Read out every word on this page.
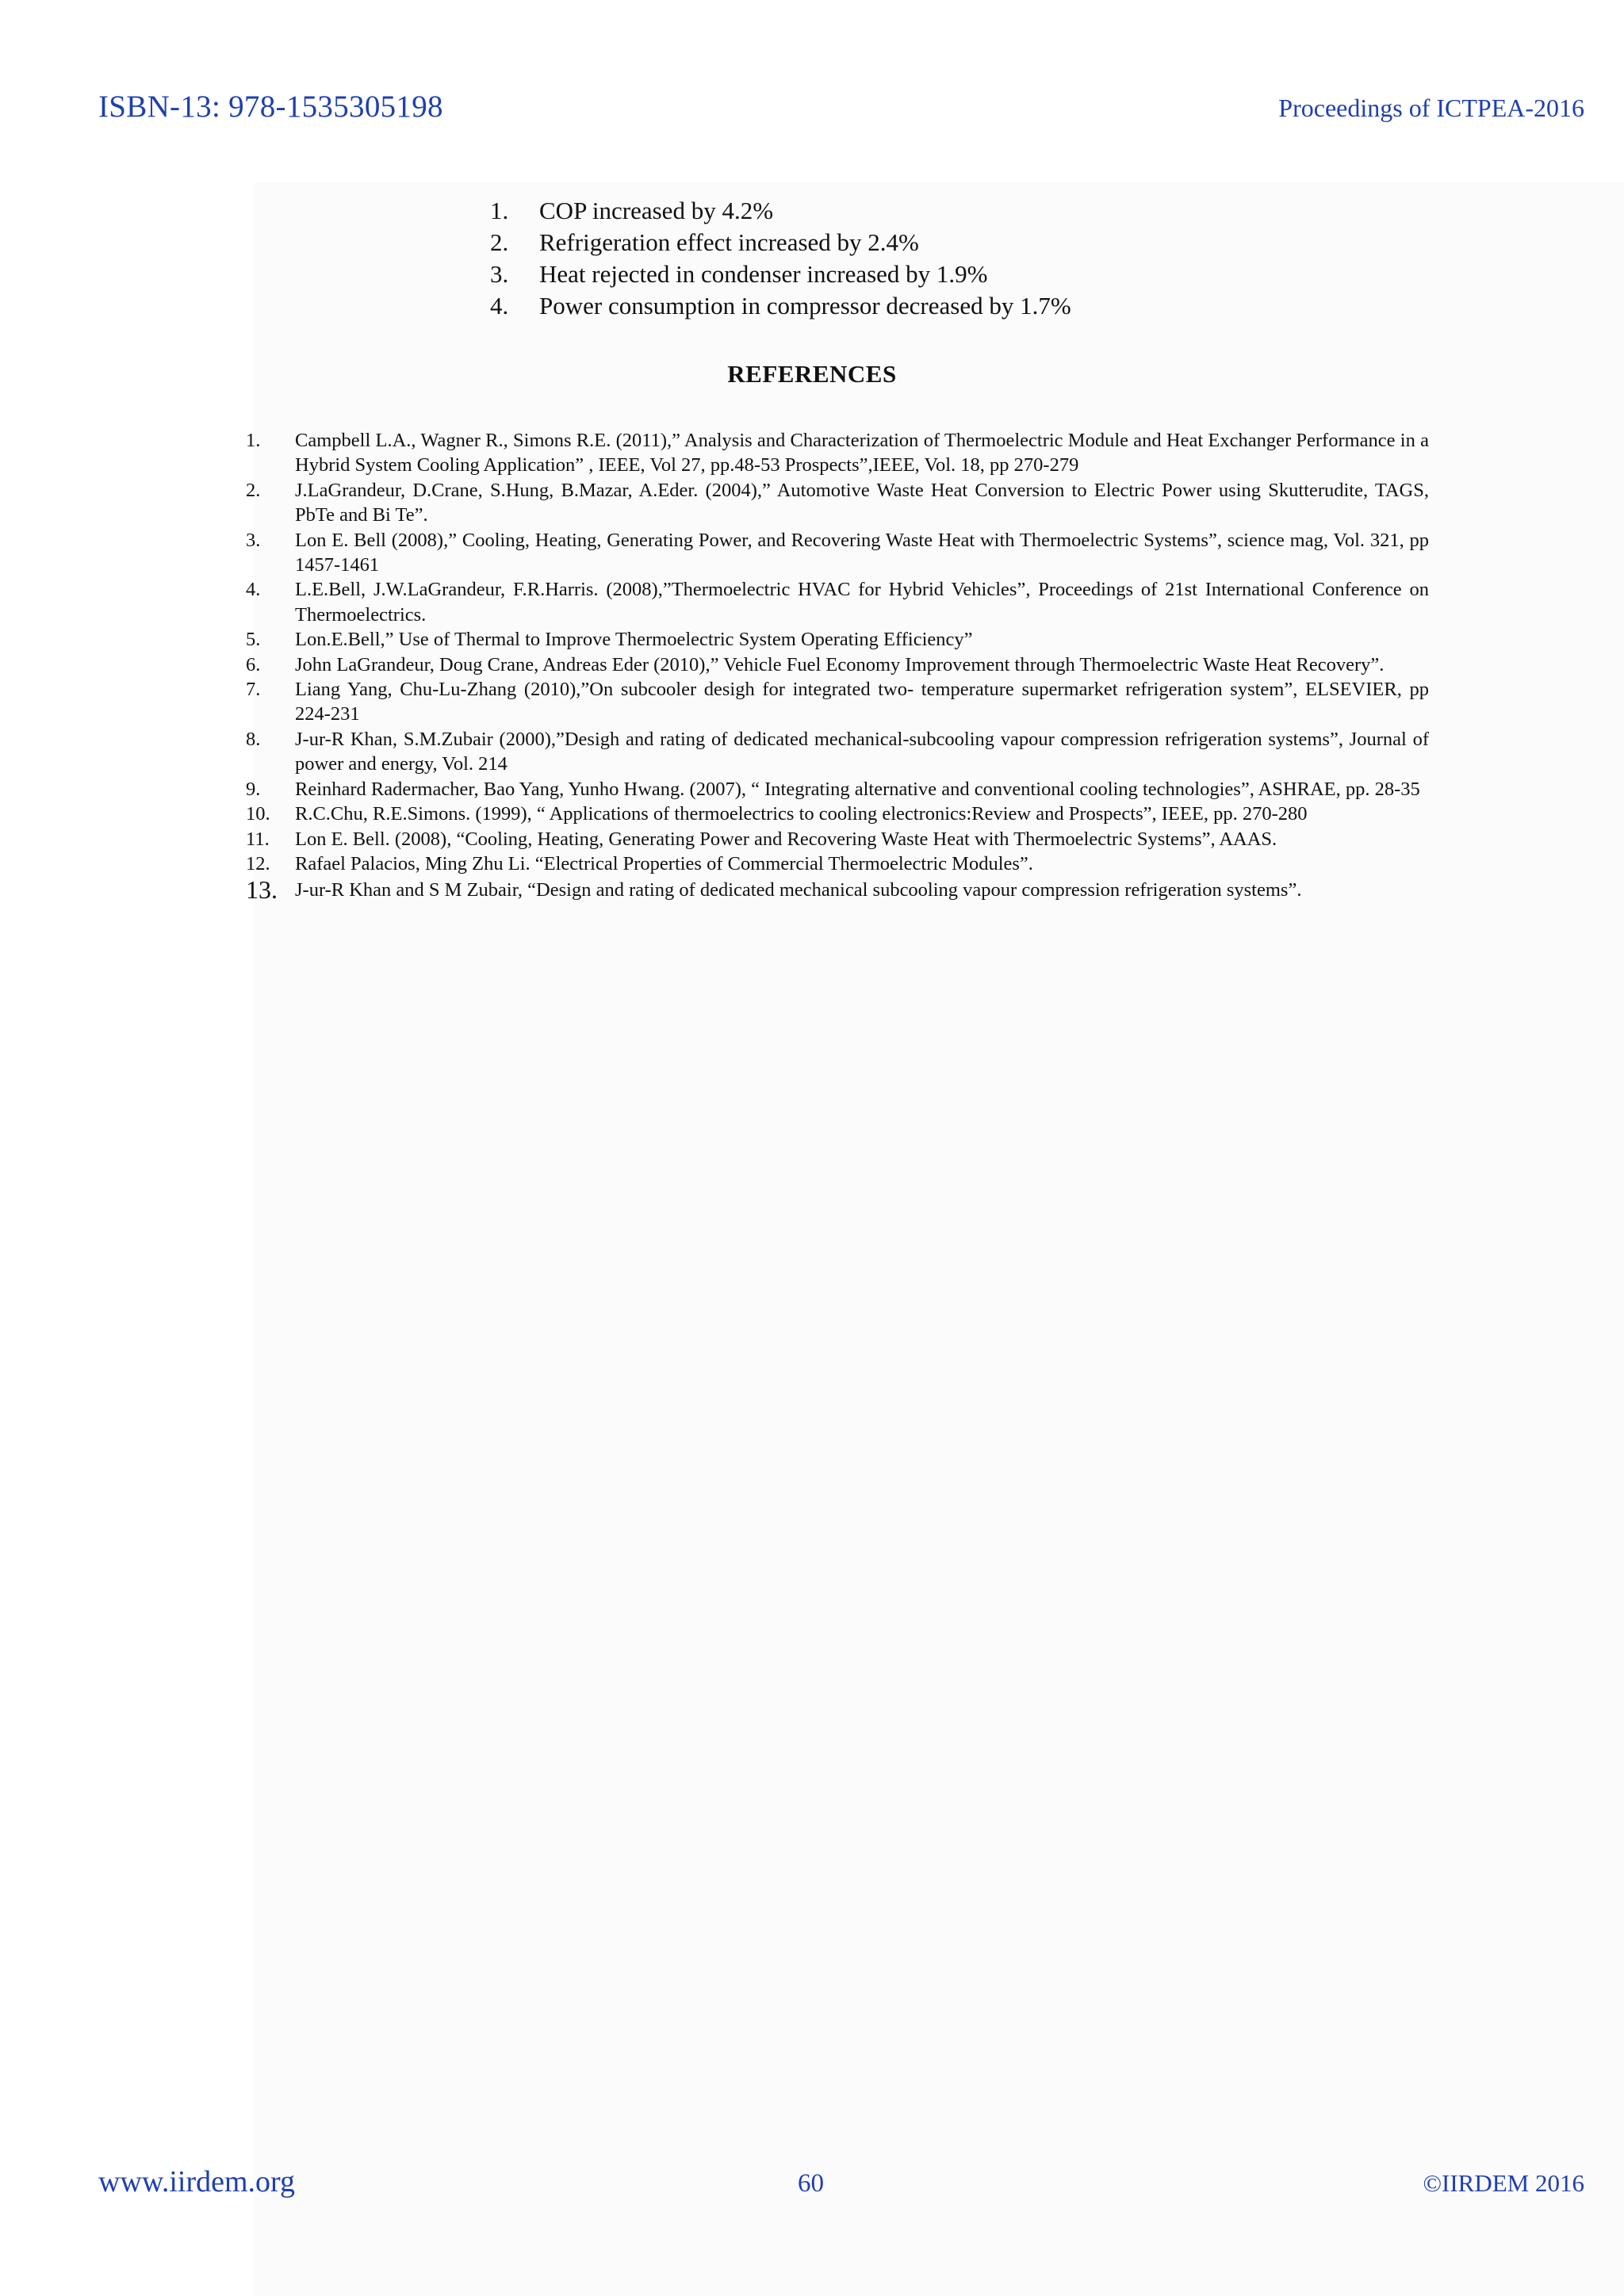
ISBN-13: 978-1535305198	Proceedings of ICTPEA-2016
1.	COP increased by 4.2%
2.	Refrigeration effect increased by 2.4%
3.	Heat rejected in condenser increased by 1.9%
4.	Power consumption in compressor decreased by 1.7%
REFERENCES
1.	Campbell L.A., Wagner R., Simons R.E. (2011),” Analysis and Characterization of Thermoelectric Module and Heat Exchanger Performance in a Hybrid System Cooling Application” , IEEE, Vol 27, pp.48-53 Prospects”,IEEE, Vol. 18, pp 270-279
2.	J.LaGrandeur, D.Crane, S.Hung, B.Mazar, A.Eder. (2004),” Automotive Waste Heat Conversion to Electric Power using Skutterudite, TAGS, PbTe and Bi Te”.
3.	Lon E. Bell (2008),” Cooling, Heating, Generating Power, and Recovering Waste Heat with Thermoelectric Systems”, science mag, Vol. 321, pp 1457-1461
4.	L.E.Bell, J.W.LaGrandeur, F.R.Harris. (2008),”Thermoelectric HVAC for Hybrid Vehicles”, Proceedings of 21st International Conference on Thermoelectrics.
5.	Lon.E.Bell,” Use of Thermal to Improve Thermoelectric System Operating Efficiency”
6.	John LaGrandeur, Doug Crane, Andreas Eder (2010),” Vehicle Fuel Economy Improvement through Thermoelectric Waste Heat Recovery”.
7.	Liang Yang, Chu-Lu-Zhang (2010),”On subcooler desigh for integrated two- temperature supermarket refrigeration system”, ELSEVIER, pp 224-231
8.	J-ur-R Khan, S.M.Zubair (2000),”Desigh and rating of dedicated mechanical-subcooling vapour compression refrigeration systems”, Journal of power and energy, Vol. 214
9.	Reinhard Radermacher, Bao Yang, Yunho Hwang. (2007), “ Integrating alternative and conventional cooling technologies”, ASHRAE, pp. 28-35
10.	R.C.Chu, R.E.Simons. (1999), “ Applications of thermoelectrics to cooling electronics:Review and Prospects”, IEEE, pp. 270-280
11.	Lon E. Bell. (2008), “Cooling, Heating, Generating Power and Recovering Waste Heat with Thermoelectric Systems”, AAAS.
12.	Rafael Palacios, Ming Zhu Li. “Electrical Properties of Commercial Thermoelectric Modules”.
13. J-ur-R Khan and S M Zubair, “Design and rating of dedicated mechanical subcooling vapour compression refrigeration systems”.
www.iirdem.org	60	©IIRDEM 2016
